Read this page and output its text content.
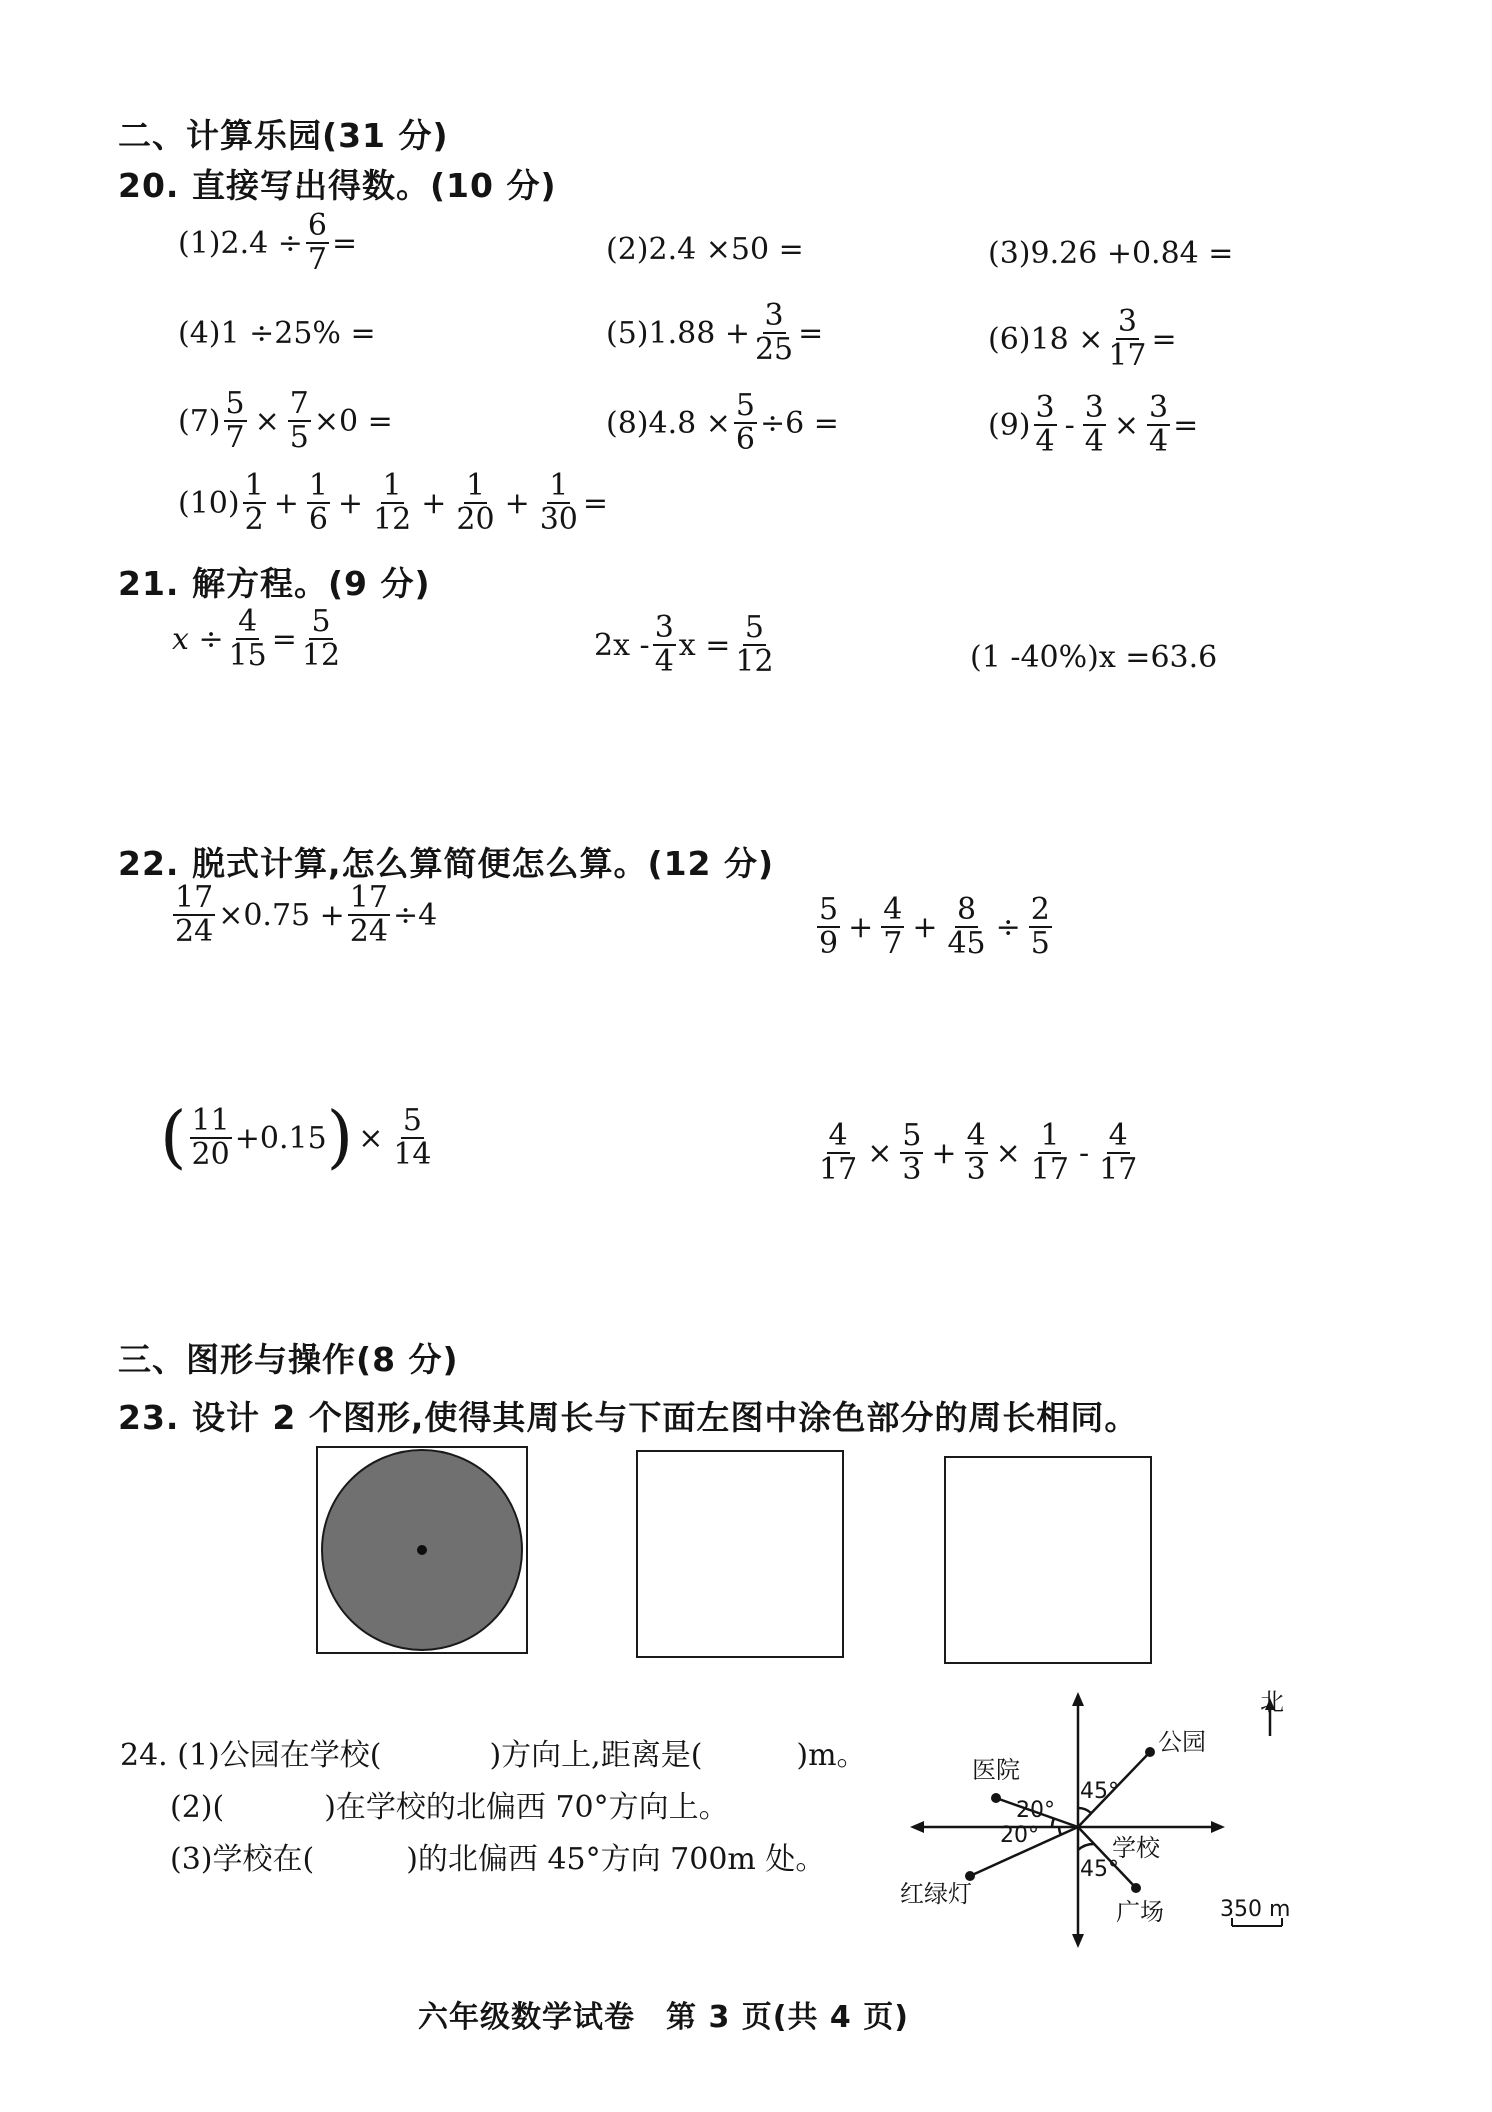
二、计算乐园(31 分)
20. 直接写出得数。(10 分)
$(1)2.4 \div \frac{6}{7}$ =	(2)2.4 ×50 =	(3)9.26 +0.84 =
(4)1 ÷25% =	$(5)1.88 + \frac{3}{25}$ =	$(6)18 \times \frac{3}{17}$ =
$(7) \frac{5}{7} \times \frac{7}{5} \times 0$ =	$(8)4.8 \times \frac{5}{6} \div 6$ =	$(9) \frac{3}{4} - \frac{3}{4} \times \frac{3}{4}$ =
$(10) \frac{1}{2} + \frac{1}{6} + \frac{1}{12} + \frac{1}{20} + \frac{1}{30}$ =
21. 解方程。(9 分)
$x \div \frac{4}{15} = \frac{5}{12}$	$2x - \frac{3}{4}$ $x = \frac{5}{12}$	(1 -40%)x =63.6
22. 脱式计算,怎么算简便怎么算。(12 分)
$\frac{17}{24} \times 0.75 + \frac{17}{24} \div 4$	$\frac{5}{9} + \frac{4}{7} + \frac{8}{45} \div \frac{2}{5}$
( $\frac{11}{20} +0.15$ ) × $\frac{5}{14}$	$\frac{4}{17} \times \frac{5}{3} + \frac{4}{3} \times \frac{1}{17} - \frac{4}{17}$
三、图形与操作(8 分)
23. 设计 2 个图形,使得其周长与下面左图中涂色部分的周长相同。
24. (1)公园在学校(	)方向上,距离是(	)m。
(2)(	)在学校的北偏西 70°方向上。
(3)学校在(	)的北偏西 45°方向 700m 处。
北
公园
医院
学校
红绿灯
广场
45°
20°
20°
45°
350 m
六年级数学试卷　第 3 页(共 4 页)
